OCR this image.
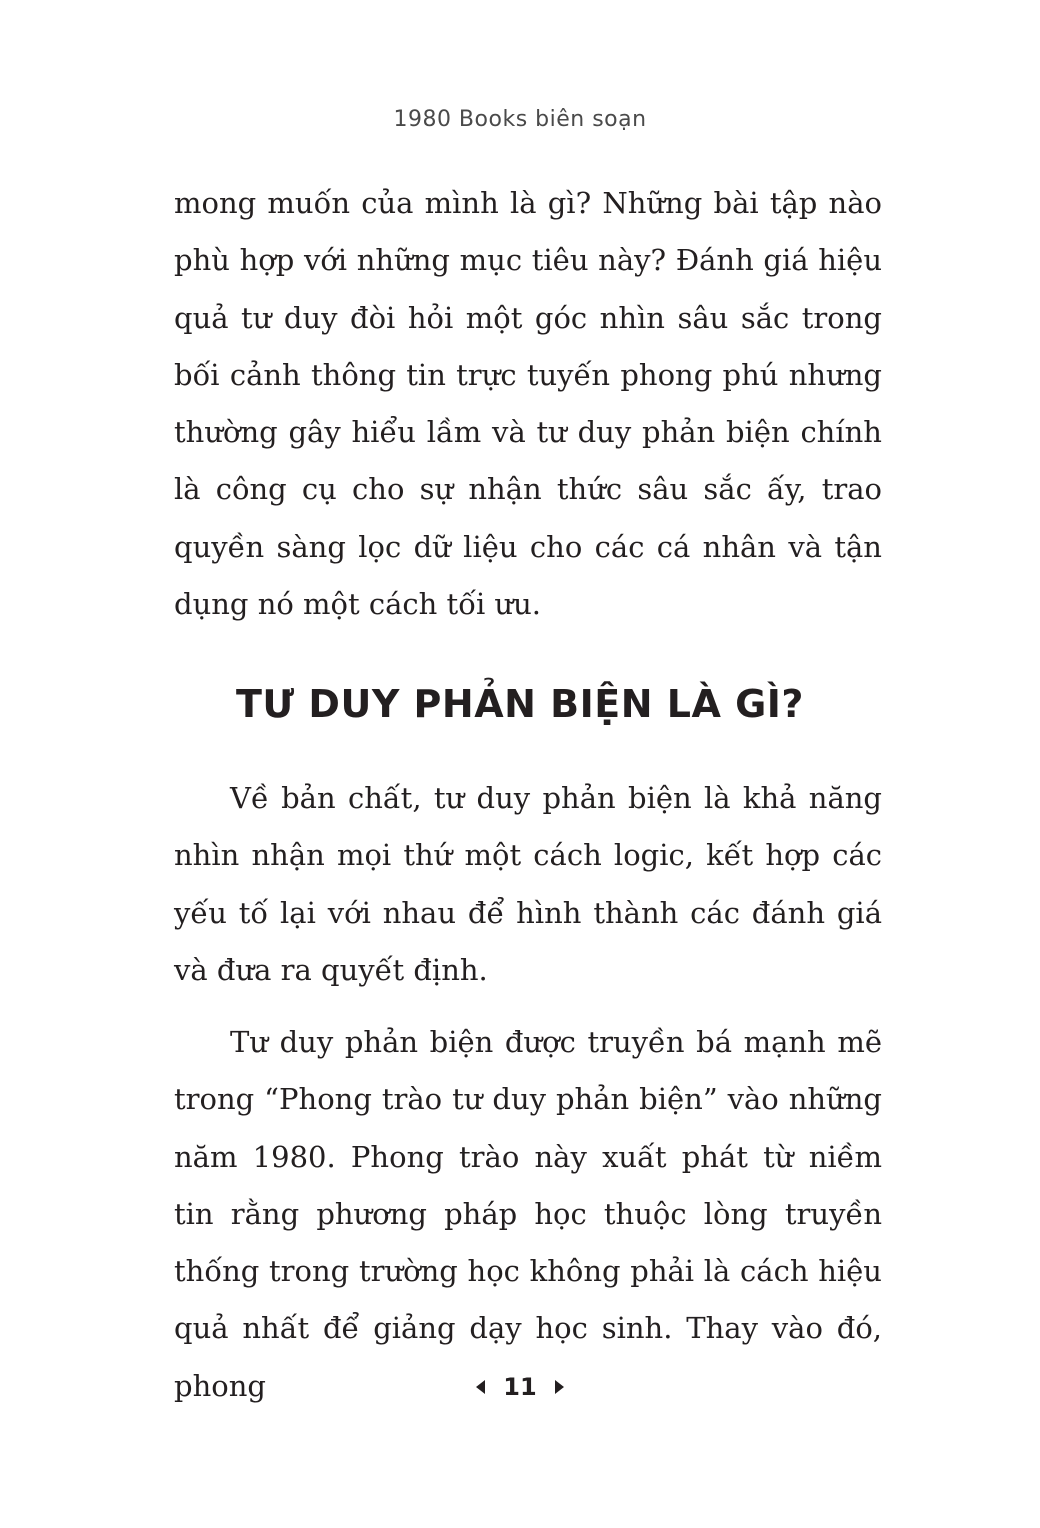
1980 Books biên soạn

mong muốn của mình là gì? Những bài tập nào phù hợp với những mục tiêu này? Đánh giá hiệu quả tư duy đòi hỏi một góc nhìn sâu sắc trong bối cảnh thông tin trực tuyến phong phú nhưng thường gây hiểu lầm và tư duy phản biện chính là công cụ cho sự nhận thức sâu sắc ấy, trao quyền sàng lọc dữ liệu cho các cá nhân và tận dụng nó một cách tối ưu.

TƯ DUY PHẢN BIỆN LÀ GÌ?

Về bản chất, tư duy phản biện là khả năng nhìn nhận mọi thứ một cách logic, kết hợp các yếu tố lại với nhau để hình thành các đánh giá và đưa ra quyết định.

Tư duy phản biện được truyền bá mạnh mẽ trong “Phong trào tư duy phản biện” vào những năm 1980. Phong trào này xuất phát từ niềm tin rằng phương pháp học thuộc lòng truyền thống trong trường học không phải là cách hiệu quả nhất để giảng dạy học sinh. Thay vào đó, phong	11
